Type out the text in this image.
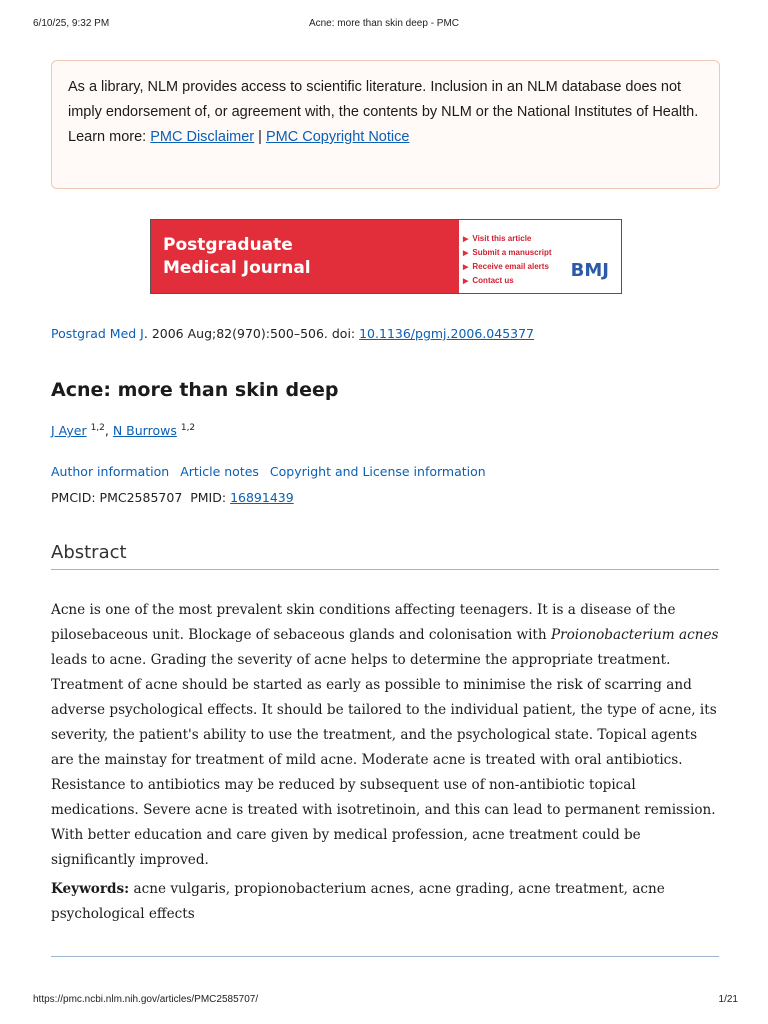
6/10/25, 9:32 PM	Acne: more than skin deep - PMC
As a library, NLM provides access to scientific literature. Inclusion in an NLM database does not imply endorsement of, or agreement with, the contents by NLM or the National Institutes of Health.
Learn more: PMC Disclaimer | PMC Copyright Notice
Postgraduate
Medical Journal
▶ Visit this article
▶ Submit a manuscript
▶ Receive email alerts
▶ Contact us	BMJ
Postgrad Med J. 2006 Aug;82(970):500–506. doi: 10.1136/pgmj.2006.045377
Acne: more than skin deep
J Ayer $^{1,2}$, N Burrows $^{1,2}$
Author information Article notes Copyright and License information
PMCID: PMC2585707 PMID: 16891439
Abstract

Acne is one of the most prevalent skin conditions affecting teenagers. It is a disease of the pilosebaceous unit. Blockage of sebaceous glands and colonisation with Proionobacterium acnes leads to acne. Grading the severity of acne helps to determine the appropriate treatment. Treatment of acne should be started as early as possible to minimise the risk of scarring and adverse psychological effects. It should be tailored to the individual patient, the type of acne, its severity, the patient's ability to use the treatment, and the psychological state. Topical agents are the mainstay for treatment of mild acne. Moderate acne is treated with oral antibiotics. Resistance to antibiotics may be reduced by subsequent use of non-antibiotic topical medications. Severe acne is treated with isotretinoin, and this can lead to permanent remission. With better education and care given by medical profession, acne treatment could be significantly improved.

Keywords: acne vulgaris, propionobacterium acnes, acne grading, acne treatment, acne psychological effects

https://pmc.ncbi.nlm.nih.gov/articles/PMC2585707/	1/21
